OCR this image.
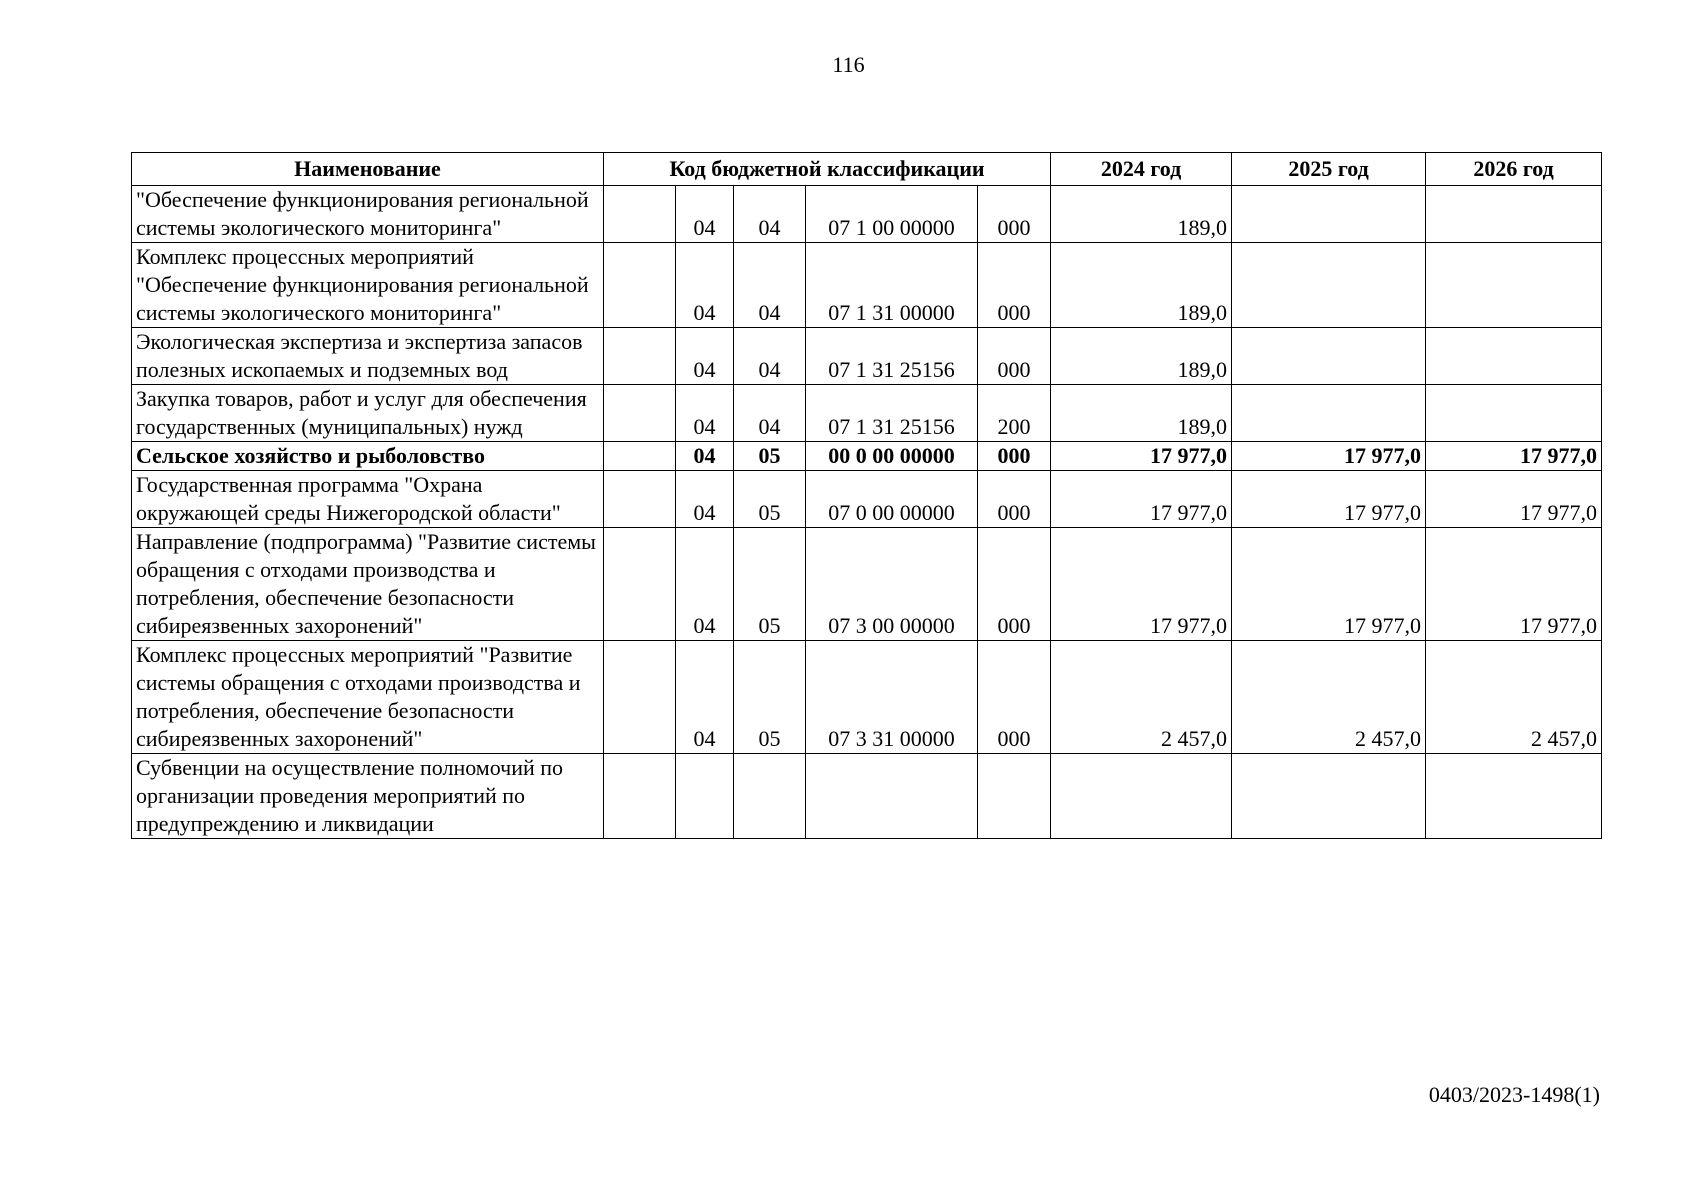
116
Наименование	Код бюджетной классификации					2024 год	2025 год	2026 год
"Обеспечение функционирования региональной системы экологического мониторинга"		04	04	07 1 00 00000	000	189,0		
Комплекс процессных мероприятий "Обеспечение функционирования региональной системы экологического мониторинга"		04	04	07 1 31 00000	000	189,0		
Экологическая экспертиза и экспертиза запасов полезных ископаемых и подземных вод		04	04	07 1 31 25156	000	189,0		
Закупка товаров, работ и услуг для обеспечения государственных (муниципальных) нужд		04	04	07 1 31 25156	200	189,0		
Сельское хозяйство и рыболовство		04	05	00 0 00 00000	000	17 977,0	17 977,0	17 977,0
Государственная программа "Охрана окружающей среды Нижегородской области"		04	05	07 0 00 00000	000	17 977,0	17 977,0	17 977,0
Направление (подпрограмма) "Развитие системы обращения с отходами производства и потребления, обеспечение безопасности сибиреязвенных захоронений"		04	05	07 3 00 00000	000	17 977,0	17 977,0	17 977,0
Комплекс процессных мероприятий "Развитие системы обращения с отходами производства и потребления, обеспечение безопасности сибиреязвенных захоронений"		04	05	07 3 31 00000	000	2 457,0	2 457,0	2 457,0
Субвенции на осуществление полномочий по организации проведения мероприятий по предупреждению и ликвидации								
0403/2023-1498(1)
